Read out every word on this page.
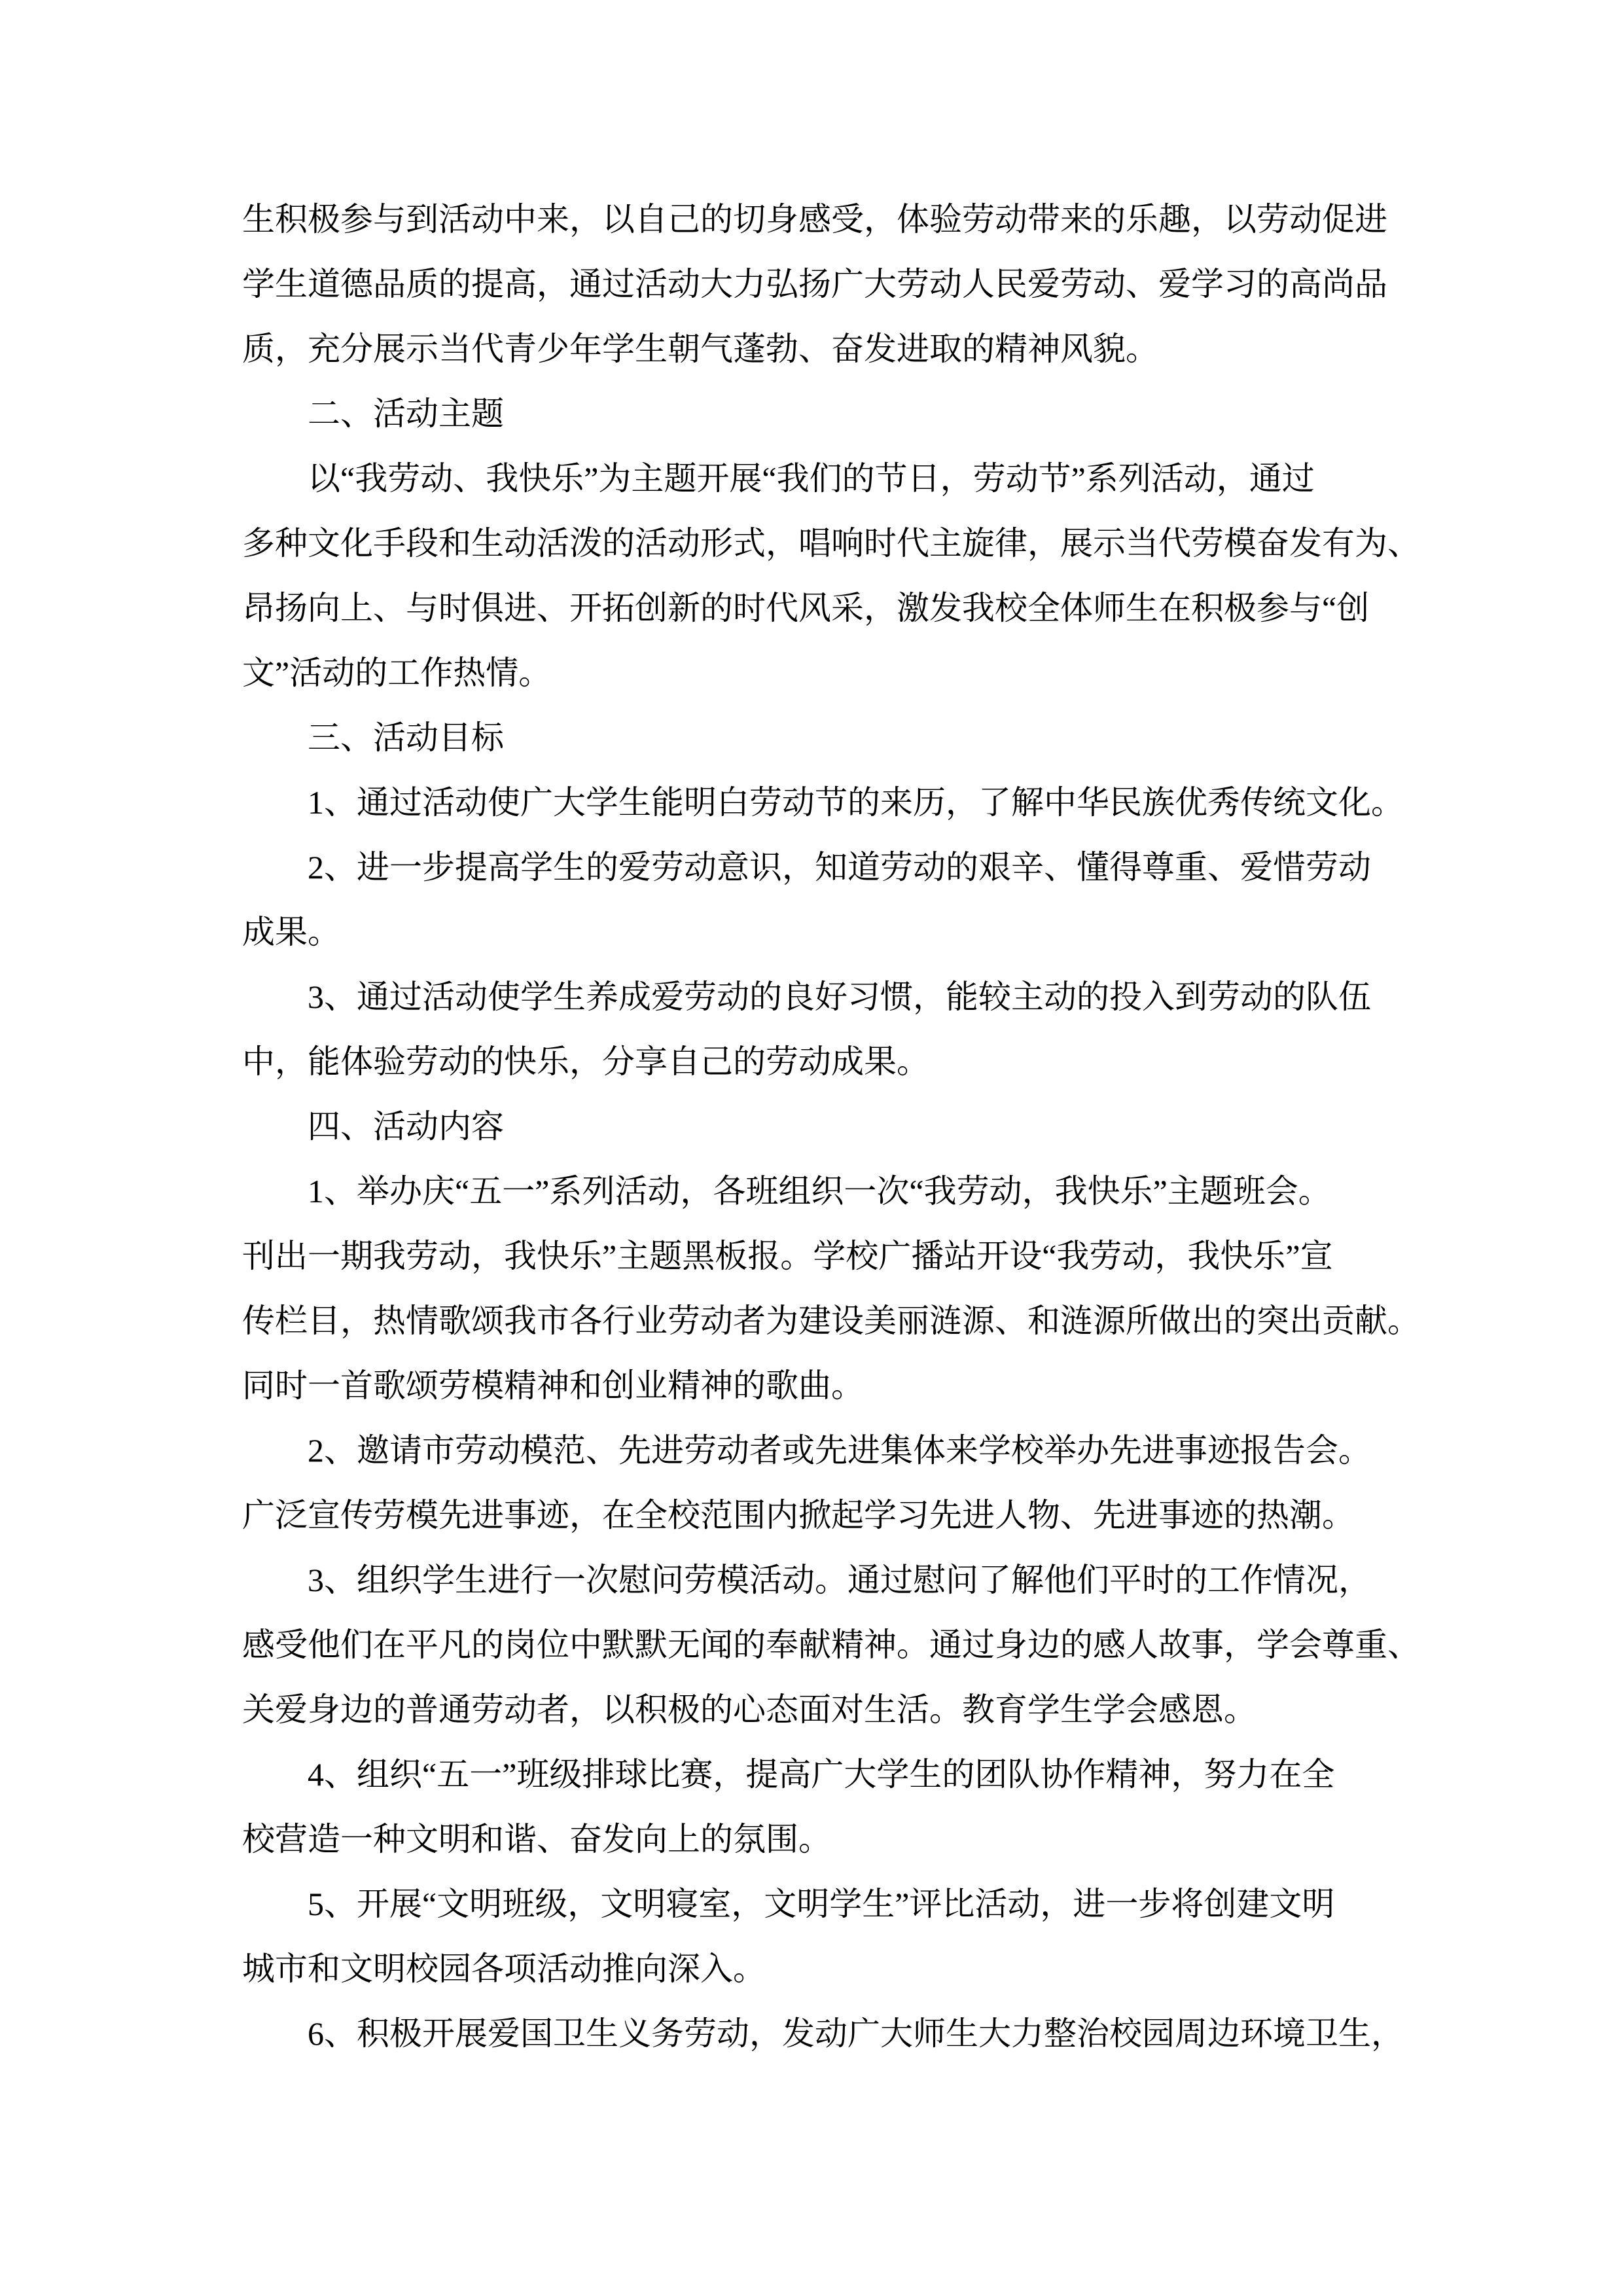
生积极参与到活动中来，以自己的切身感受，体验劳动带来的乐趣，以劳动促进
学生道德品质的提高，通过活动大力弘扬广大劳动人民爱劳动、爱学习的高尚品
质，充分展示当代青少年学生朝气蓬勃、奋发进取的精神风貌。
　　二、活动主题
　　以“我劳动、我快乐”为主题开展“我们的节日，劳动节”系列活动，通过
多种文化手段和生动活泼的活动形式，唱响时代主旋律，展示当代劳模奋发有为、
昂扬向上、与时俱进、开拓创新的时代风采，激发我校全体师生在积极参与“创
文”活动的工作热情。
　　三、活动目标
　　1、通过活动使广大学生能明白劳动节的来历，了解中华民族优秀传统文化。
　　2、进一步提高学生的爱劳动意识，知道劳动的艰辛、懂得尊重、爱惜劳动
成果。
　　3、通过活动使学生养成爱劳动的良好习惯，能较主动的投入到劳动的队伍
中，能体验劳动的快乐，分享自己的劳动成果。
　　四、活动内容
　　1、举办庆“五一”系列活动，各班组织一次“我劳动，我快乐”主题班会。
刊出一期我劳动，我快乐”主题黑板报。学校广播站开设“我劳动，我快乐”宣
传栏目，热情歌颂我市各行业劳动者为建设美丽涟源、和涟源所做出的突出贡献。
同时一首歌颂劳模精神和创业精神的歌曲。
　　2、邀请市劳动模范、先进劳动者或先进集体来学校举办先进事迹报告会。
广泛宣传劳模先进事迹，在全校范围内掀起学习先进人物、先进事迹的热潮。
　　3、组织学生进行一次慰问劳模活动。通过慰问了解他们平时的工作情况，
感受他们在平凡的岗位中默默无闻的奉献精神。通过身边的感人故事，学会尊重、
关爱身边的普通劳动者，以积极的心态面对生活。教育学生学会感恩。
　　4、组织“五一”班级排球比赛，提高广大学生的团队协作精神，努力在全
校营造一种文明和谐、奋发向上的氛围。
　　5、开展“文明班级，文明寝室，文明学生”评比活动，进一步将创建文明
城市和文明校园各项活动推向深入。
　　6、积极开展爱国卫生义务劳动，发动广大师生大力整治校园周边环境卫生，
